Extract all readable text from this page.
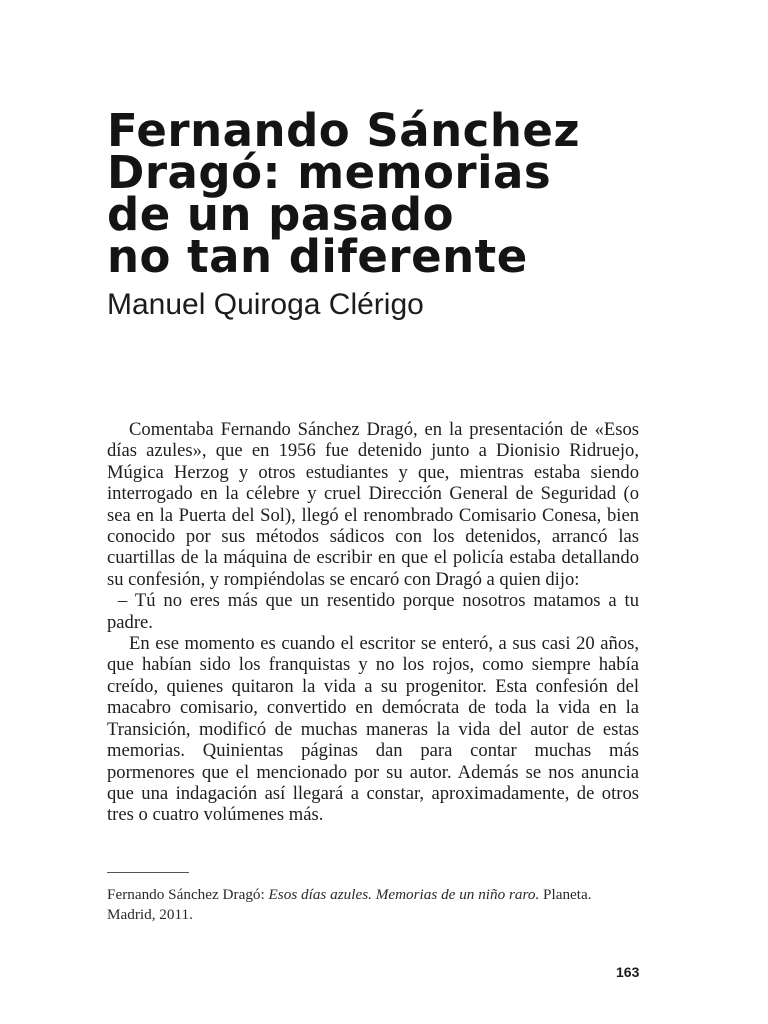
Fernando Sánchez
Dragó: memorias
de un pasado
no tan diferente
Manuel Quiroga Clérigo

Comentaba Fernando Sánchez Dragó, en la presentación de «Esos días azules», que en 1956 fue detenido junto a Dionisio Ridruejo, Múgica Herzog y otros estudiantes y que, mientras estaba siendo interrogado en la célebre y cruel Dirección General de Seguridad (o sea en la Puerta del Sol), llegó el renombrado Comisario Conesa, bien conocido por sus métodos sádicos con los detenidos, arrancó las cuartillas de la máquina de escribir en que el policía estaba detallando su confesión, y rompiéndolas se encaró con Dragó a quien dijo:

– Tú no eres más que un resentido porque nosotros matamos a tu padre.

En ese momento es cuando el escritor se enteró, a sus casi 20 años, que habían sido los franquistas y no los rojos, como siempre había creído, quienes quitaron la vida a su progenitor. Esta confesión del macabro comisario, convertido en demócrata de toda la vida en la Transición, modificó de muchas maneras la vida del autor de estas memorias. Quinientas páginas dan para contar muchas más pormenores que el mencionado por su autor. Además se nos anuncia que una indagación así llegará a constar, aproximadamente, de otros tres o cuatro volúmenes más.

Fernando Sánchez Dragó: Esos días azules. Memorias de un niño raro. Planeta. Madrid, 2011.
163
